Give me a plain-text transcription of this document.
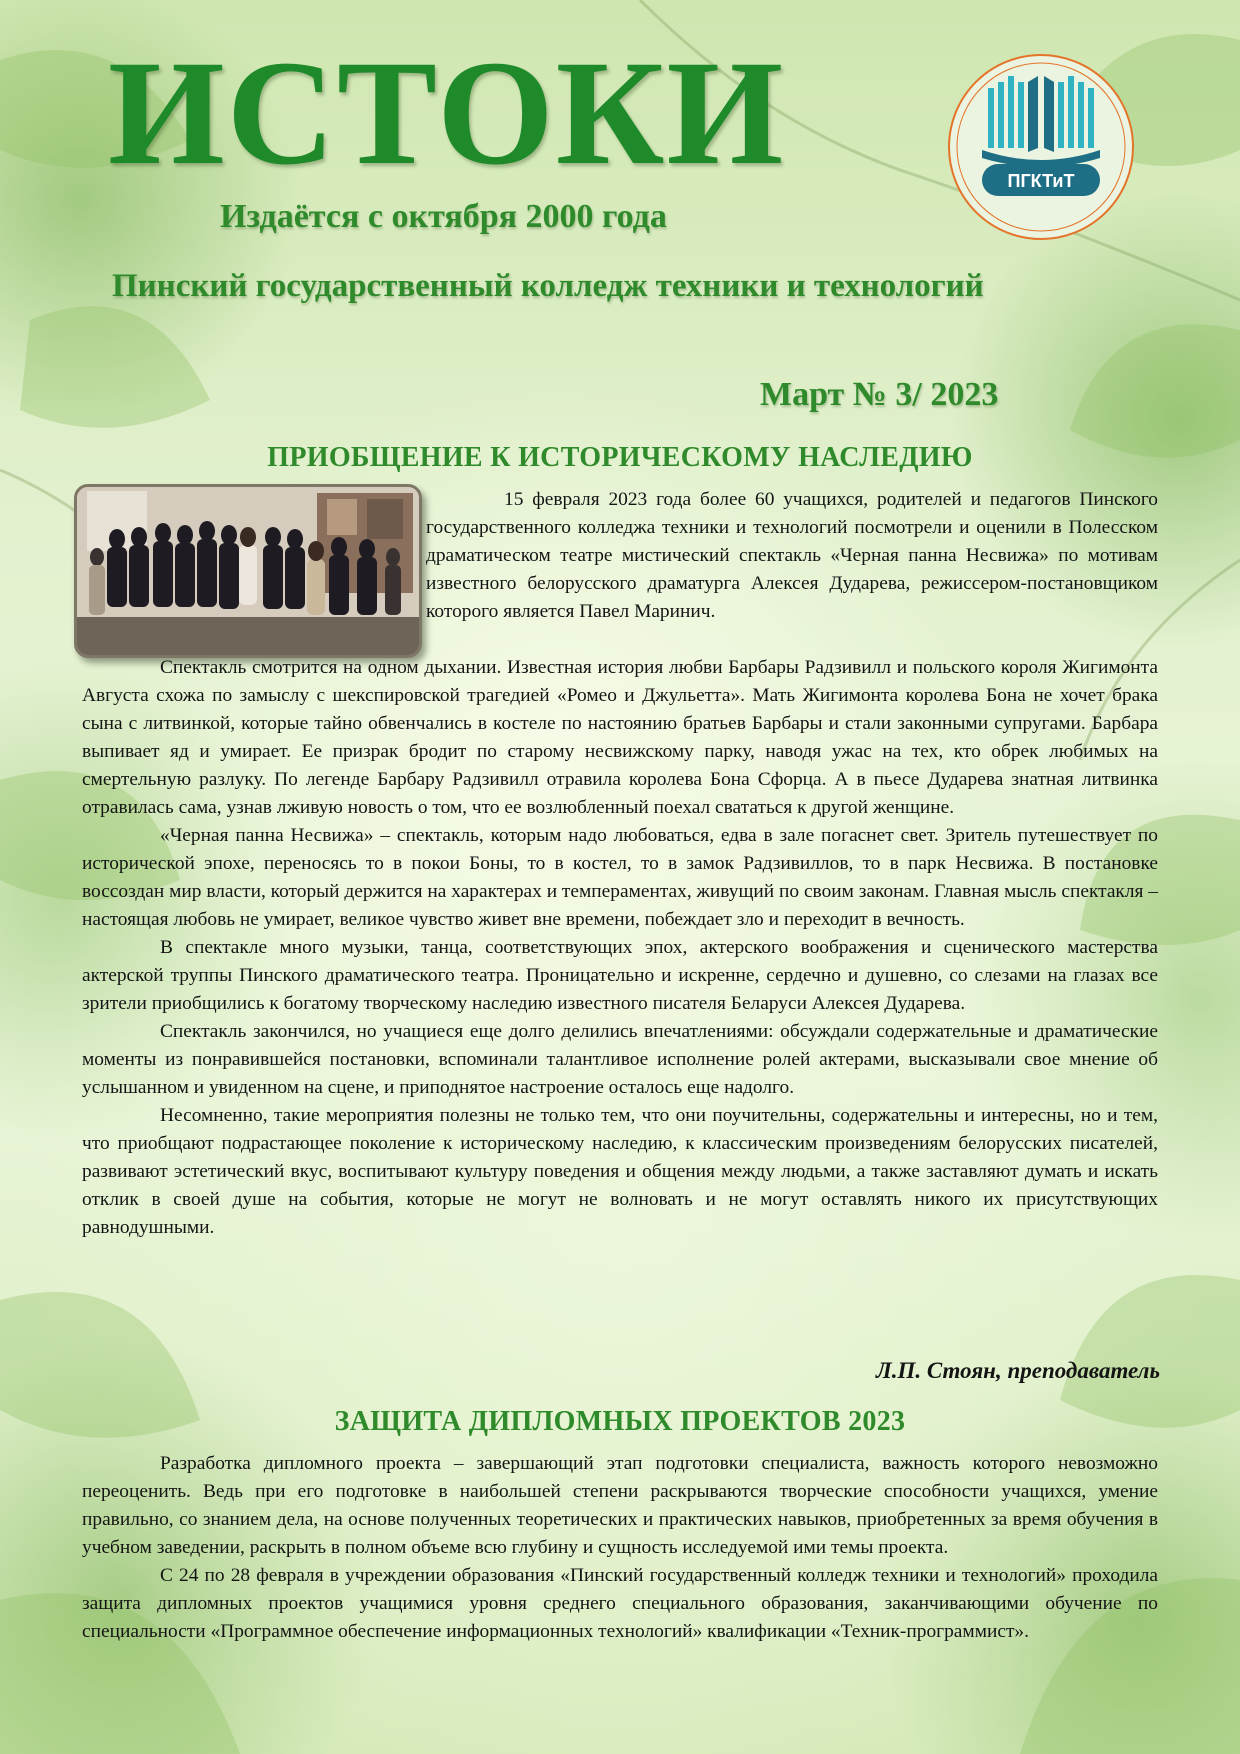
ИСТОКИ
Издаётся с октября 2000 года
Пинский государственный колледж техники и технологий
ПГКТиТ
Март № 3/ 2023
ПРИОБЩЕНИЕ К ИСТОРИЧЕСКОМУ НАСЛЕДИЮ

15 февраля 2023 года более 60 учащихся, родителей и педагогов Пинского государственного колледжа техники и технологий посмотрели и оценили в Полесском драматическом театре мистический спектакль «Черная панна Несвижа» по мотивам известного белорусского драматурга Алексея Дударева, режиссером-постановщиком которого является Павел Маринич.

Спектакль смотрится на одном дыхании. Известная история любви Барбары Радзивилл и польского короля Жигимонта Августа схожа по замыслу с шекспировской трагедией «Ромео и Джульетта». Мать Жигимонта королева Бона не хочет брака сына с литвинкой, которые тайно обвенчались в костеле по настоянию братьев Барбары и стали законными супругами. Барбара выпивает яд и умирает. Ее призрак бродит по старому несвижскому парку, наводя ужас на тех, кто обрек любимых на смертельную разлуку. По легенде Барбару Радзивилл отравила королева Бона Сфорца. А в пьесе Дударева знатная литвинка отравилась сама, узнав лживую новость о том, что ее возлюбленный поехал свататься к другой женщине.

«Черная панна Несвижа» – спектакль, которым надо любоваться, едва в зале погаснет свет. Зритель путешествует по исторической эпохе, переносясь то в покои Боны, то в костел, то в замок Радзивиллов, то в парк Несвижа. В постановке воссоздан мир власти, который держится на характерах и темпераментах, живущий по своим законам. Главная мысль спектакля – настоящая любовь не умирает, великое чувство живет вне времени, побеждает зло и переходит в вечность.

В спектакле много музыки, танца, соответствующих эпох, актерского воображения и сценического мастерства актерской труппы Пинского драматического театра. Проницательно и искренне, сердечно и душевно, со слезами на глазах все зрители приобщились к богатому творческому наследию известного писателя Беларуси Алексея Дударева.

Спектакль закончился, но учащиеся еще долго делились впечатлениями: обсуждали содержательные и драматические моменты из понравившейся постановки, вспоминали талантливое исполнение ролей актерами, высказывали свое мнение об услышанном и увиденном на сцене, и приподнятое настроение осталось еще надолго.

Несомненно, такие мероприятия полезны не только тем, что они поучительны, содержательны и интересны, но и тем, что приобщают подрастающее поколение к историческому наследию, к классическим произведениям белорусских писателей, развивают эстетический вкус, воспитывают культуру поведения и общения между людьми, а также заставляют думать и искать отклик в своей душе на события, которые не могут не волновать и не могут оставлять никого их присутствующих равнодушными.

Л.П. Стоян, преподаватель
ЗАЩИТА ДИПЛОМНЫХ ПРОЕКТОВ 2023

Разработка дипломного проекта – завершающий этап подготовки специалиста, важность которого невозможно переоценить. Ведь при его подготовке в наибольшей степени раскрываются творческие способности учащихся, умение правильно, со знанием дела, на основе полученных теоретических и практических навыков, приобретенных за время обучения в учебном заведении, раскрыть в полном объеме всю глубину и сущность исследуемой ими темы проекта.

С 24 по 28 февраля в учреждении образования «Пинский государственный колледж техники и технологий» проходила защита дипломных проектов учащимися уровня среднего специального образования, заканчивающими обучение по специальности «Программное обеспечение информационных технологий» квалификации «Техник-программист».
